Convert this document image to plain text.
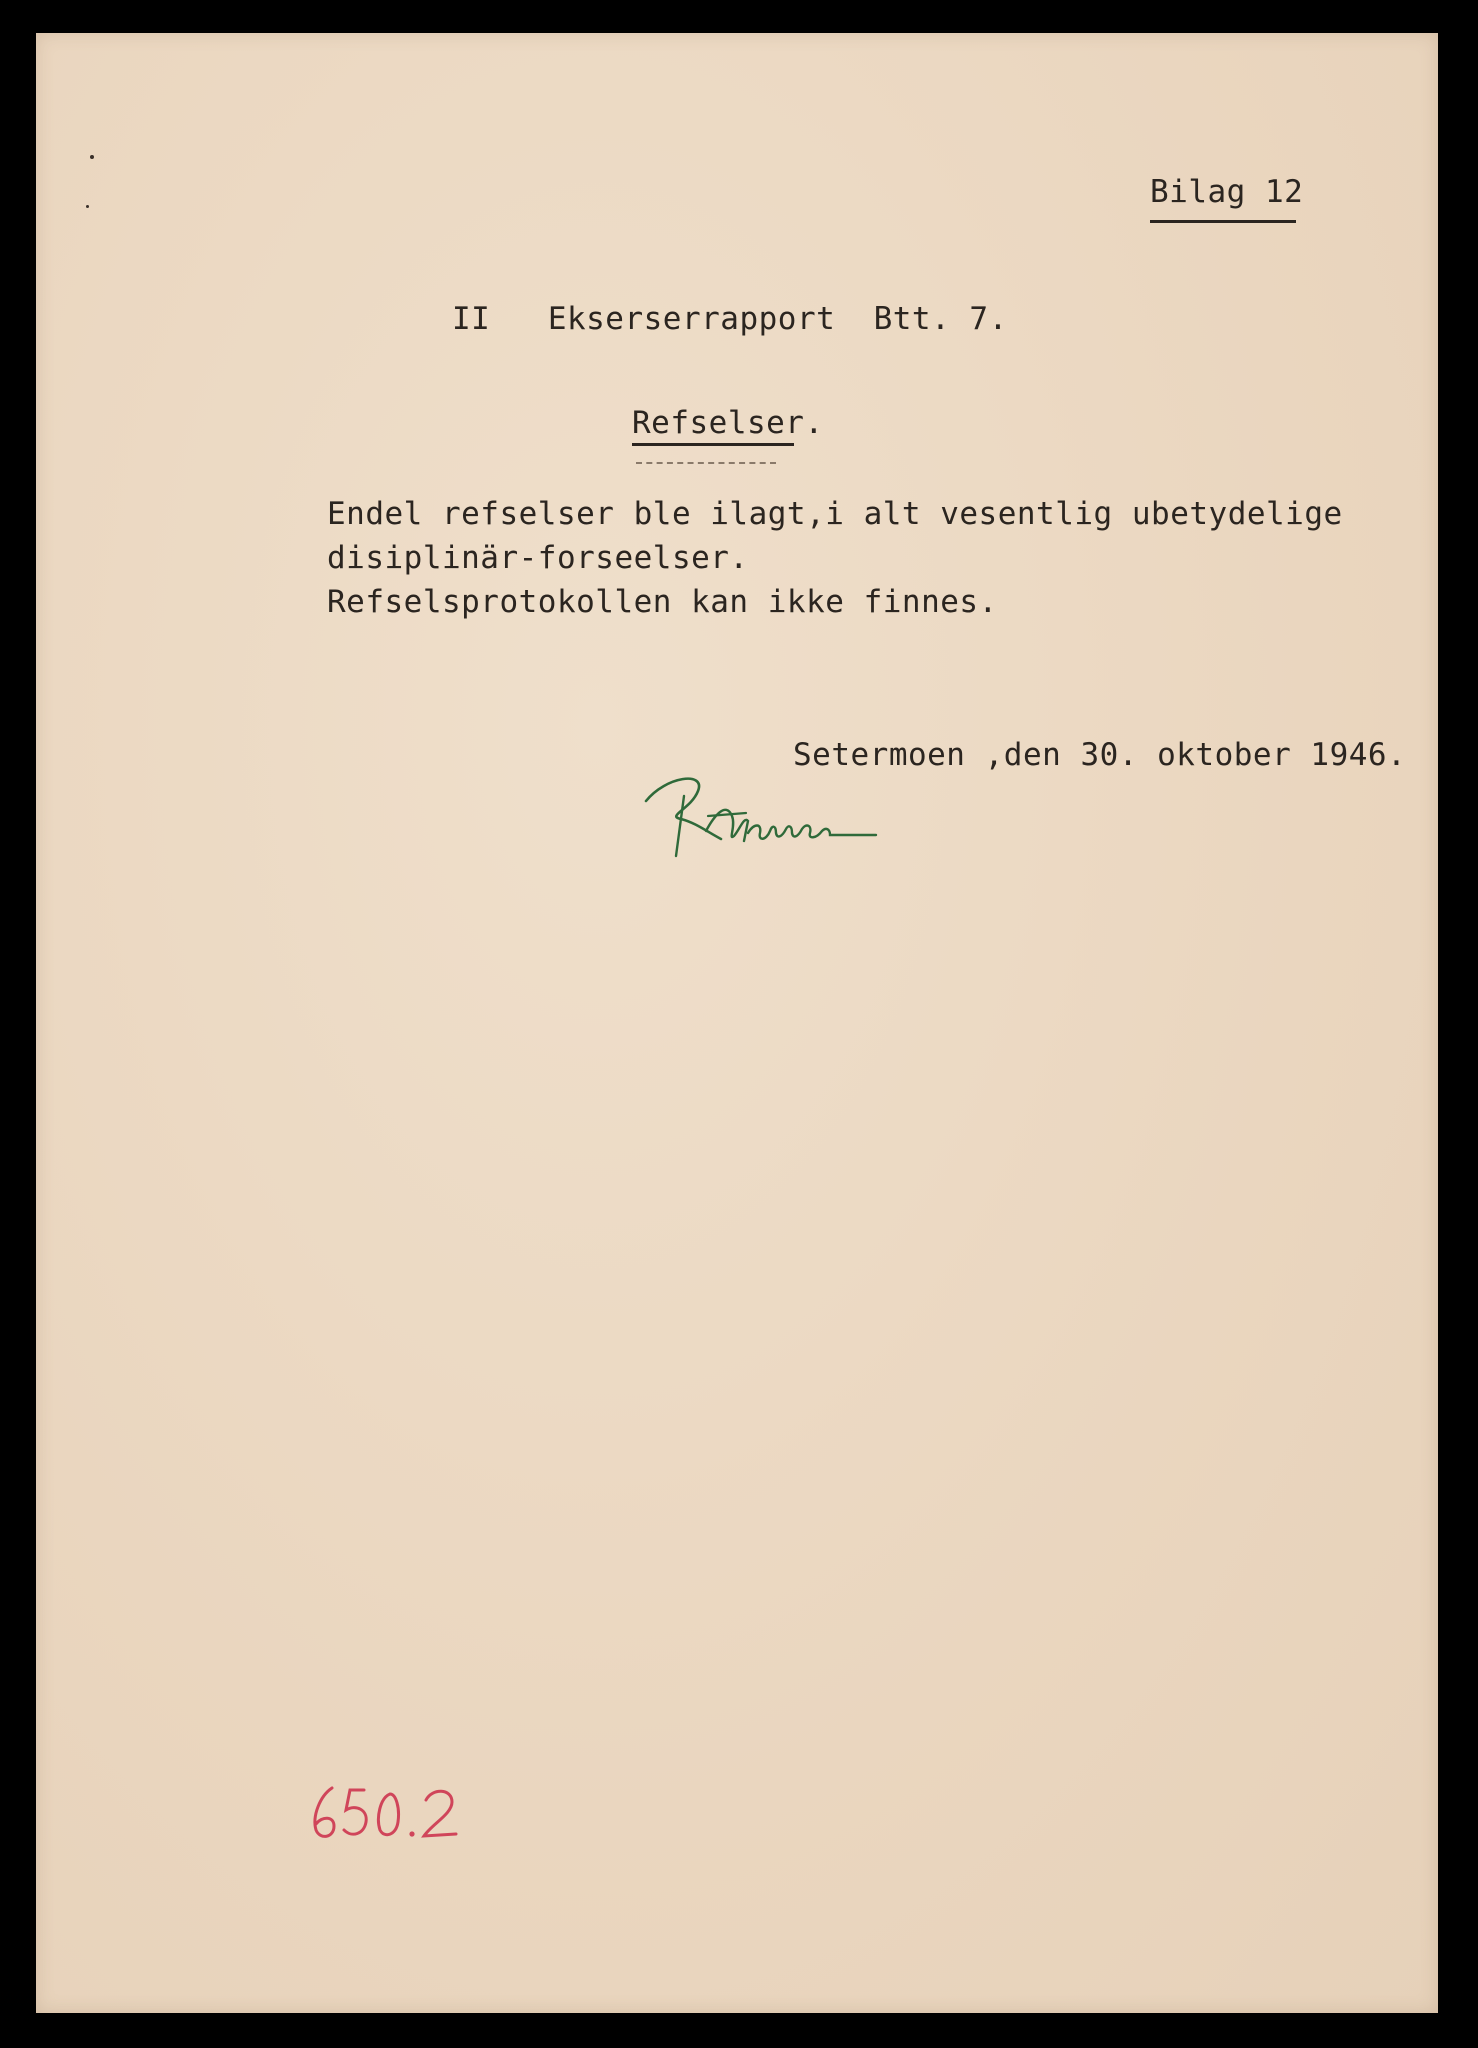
Bilag 12
II   Ekserserrapport  Btt. 7.
Refselser.
Endel refselser ble ilagt,i alt vesentlig ubetydelige
disiplinär-forseelser.
Refselsprotokollen kan ikke finnes.
Setermoen ,den 30. oktober 1946.
